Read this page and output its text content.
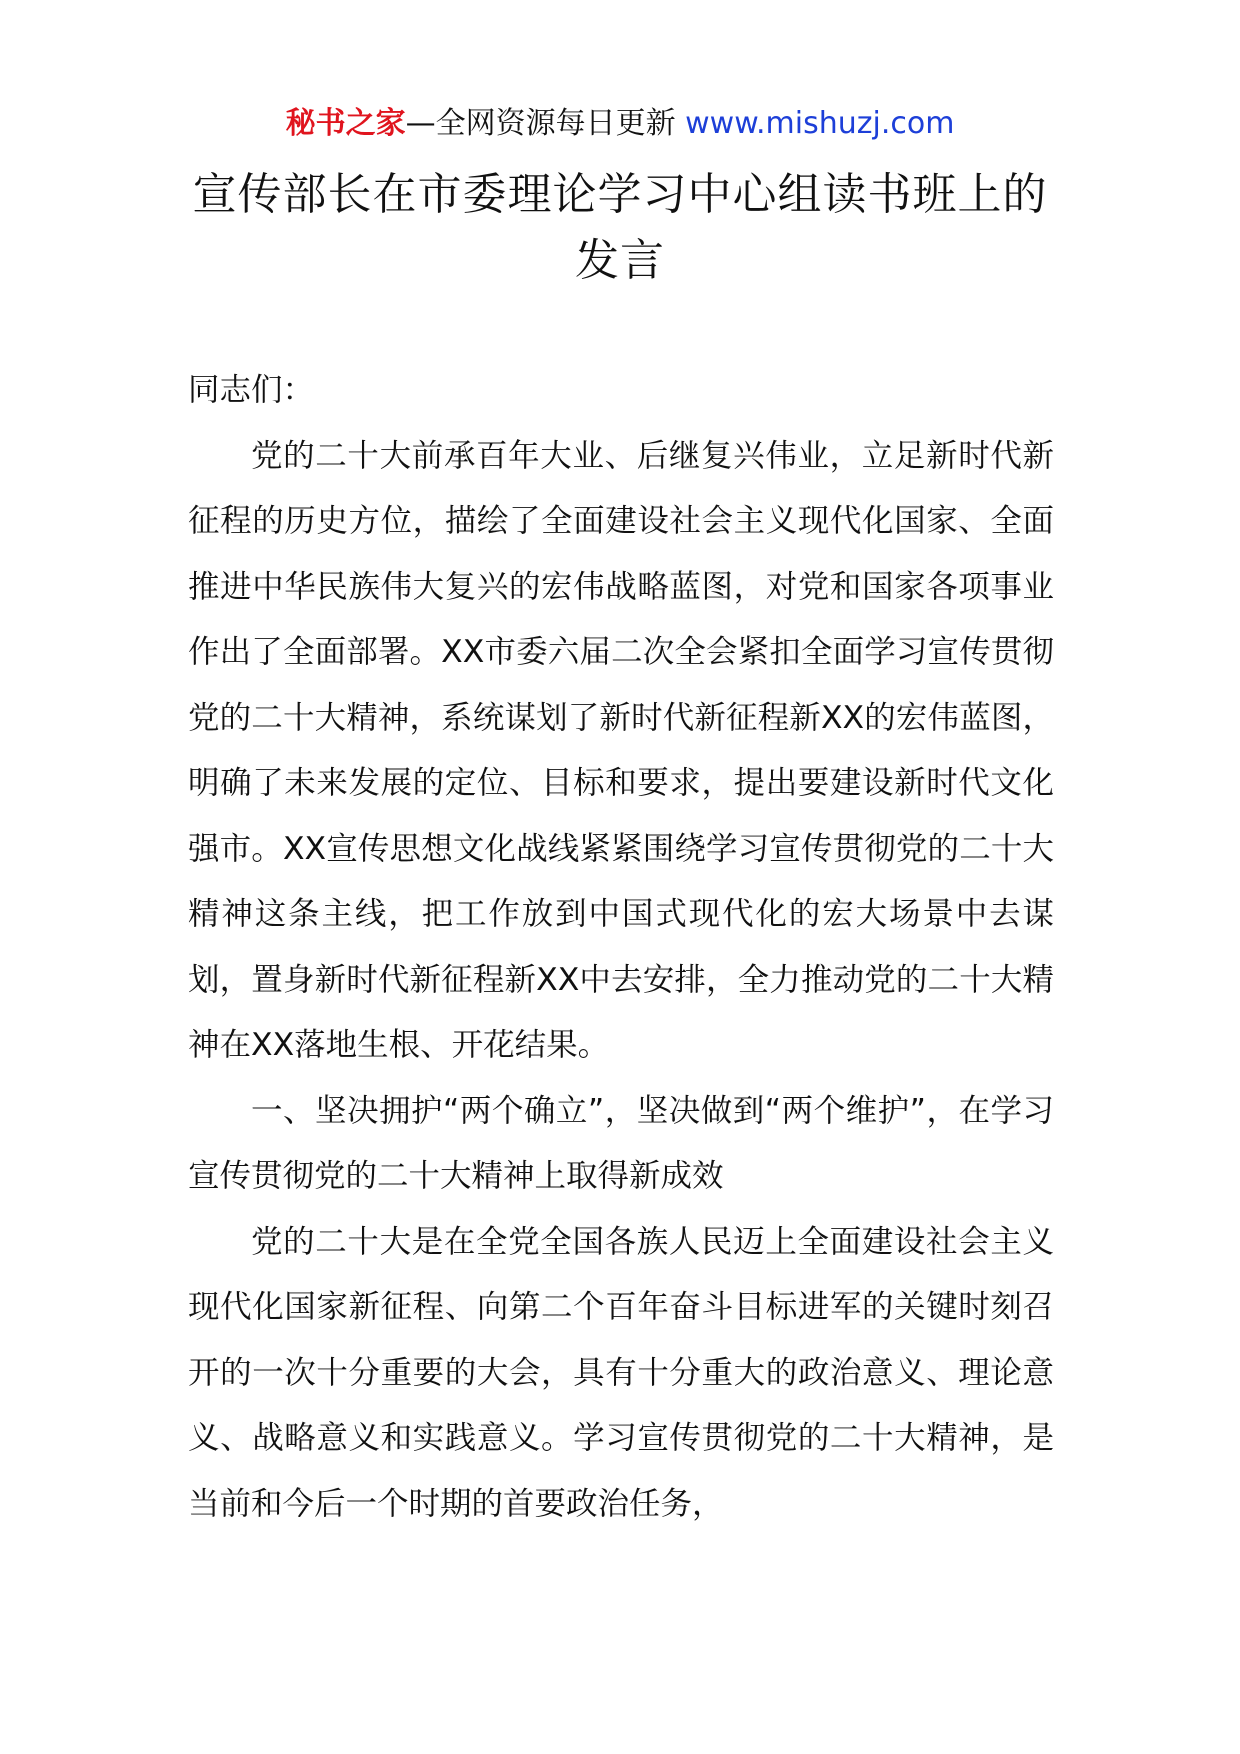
秘书之家—全网资源每日更新 www.mishuzj.com
宣传部长在市委理论学习中心组读书班上的发言

同志们：

党的二十大前承百年大业、后继复兴伟业，立足新时代新征程的历史方位，描绘了全面建设社会主义现代化国家、全面推进中华民族伟大复兴的宏伟战略蓝图，对党和国家各项事业作出了全面部署。XX市委六届二次全会紧扣全面学习宣传贯彻党的二十大精神，系统谋划了新时代新征程新XX的宏伟蓝图，明确了未来发展的定位、目标和要求，提出要建设新时代文化强市。XX宣传思想文化战线紧紧围绕学习宣传贯彻党的二十大精神这条主线，把工作放到中国式现代化的宏大场景中去谋划，置身新时代新征程新XX中去安排，全力推动党的二十大精神在XX落地生根、开花结果。

一、坚决拥护“两个确立”，坚决做到“两个维护”，在学习宣传贯彻党的二十大精神上取得新成效

党的二十大是在全党全国各族人民迈上全面建设社会主义现代化国家新征程、向第二个百年奋斗目标进军的关键时刻召开的一次十分重要的大会，具有十分重大的政治意义、理论意义、战略意义和实践意义。学习宣传贯彻党的二十大精神，是当前和今后一个时期的首要政治任务，
